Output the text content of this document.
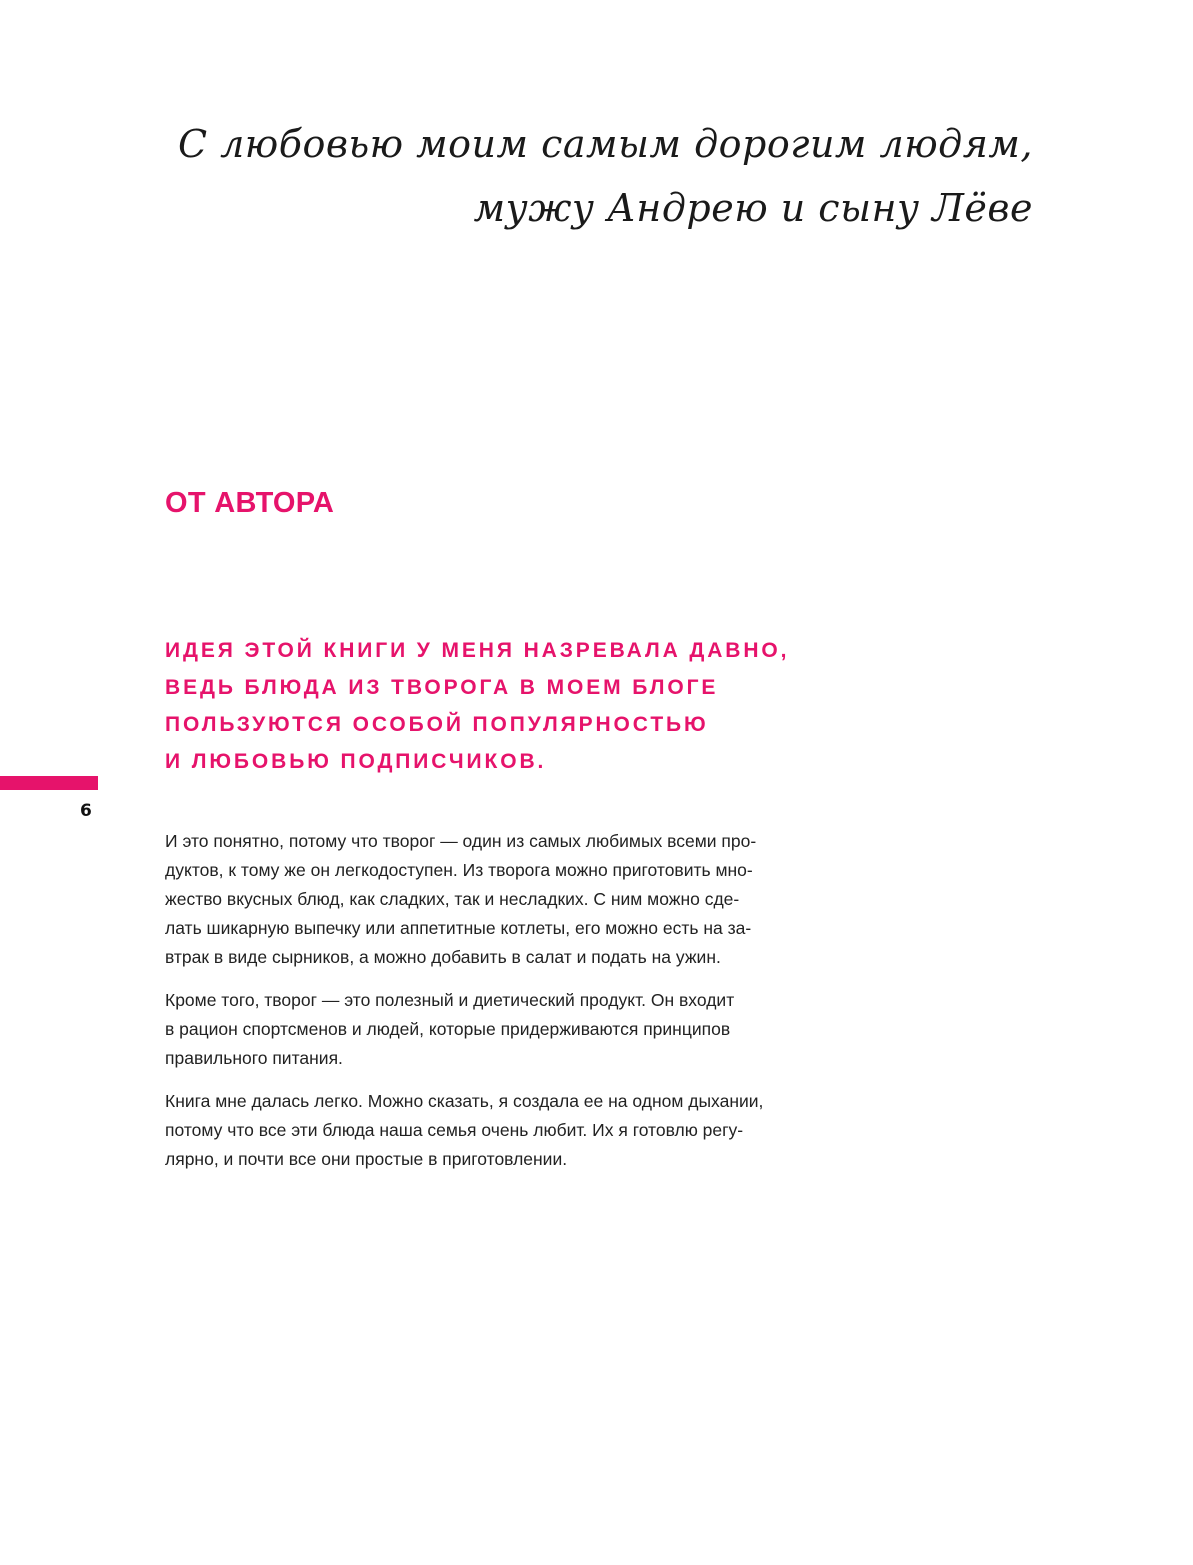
С любовью моим самым дорогим людям,
мужу Андрею и сыну Лёве
ОТ АВТОРА
ИДЕЯ ЭТОЙ КНИГИ У МЕНЯ НАЗРЕВАЛА ДАВНО,
ВЕДЬ БЛЮДА ИЗ ТВОРОГА В МОЕМ БЛОГЕ
ПОЛЬЗУЮТСЯ ОСОБОЙ ПОПУЛЯРНОСТЬЮ
И ЛЮБОВЬЮ ПОДПИСЧИКОВ.
6

И это понятно, потому что творог — один из самых любимых всеми про-
дуктов, к тому же он легкодоступен. Из творога можно приготовить мно-
жество вкусных блюд, как сладких, так и несладких. С ним можно сде-
лать шикарную выпечку или аппетитные котлеты, его можно есть на за-
втрак в виде сырников, а можно добавить в салат и подать на ужин.

Кроме того, творог — это полезный и диетический продукт. Он входит
в рацион спортсменов и людей, которые придерживаются принципов
правильного питания.

Книга мне далась легко. Можно сказать, я создала ее на одном дыхании,
потому что все эти блюда наша семья очень любит. Их я готовлю регу-
лярно, и почти все они простые в приготовлении.
